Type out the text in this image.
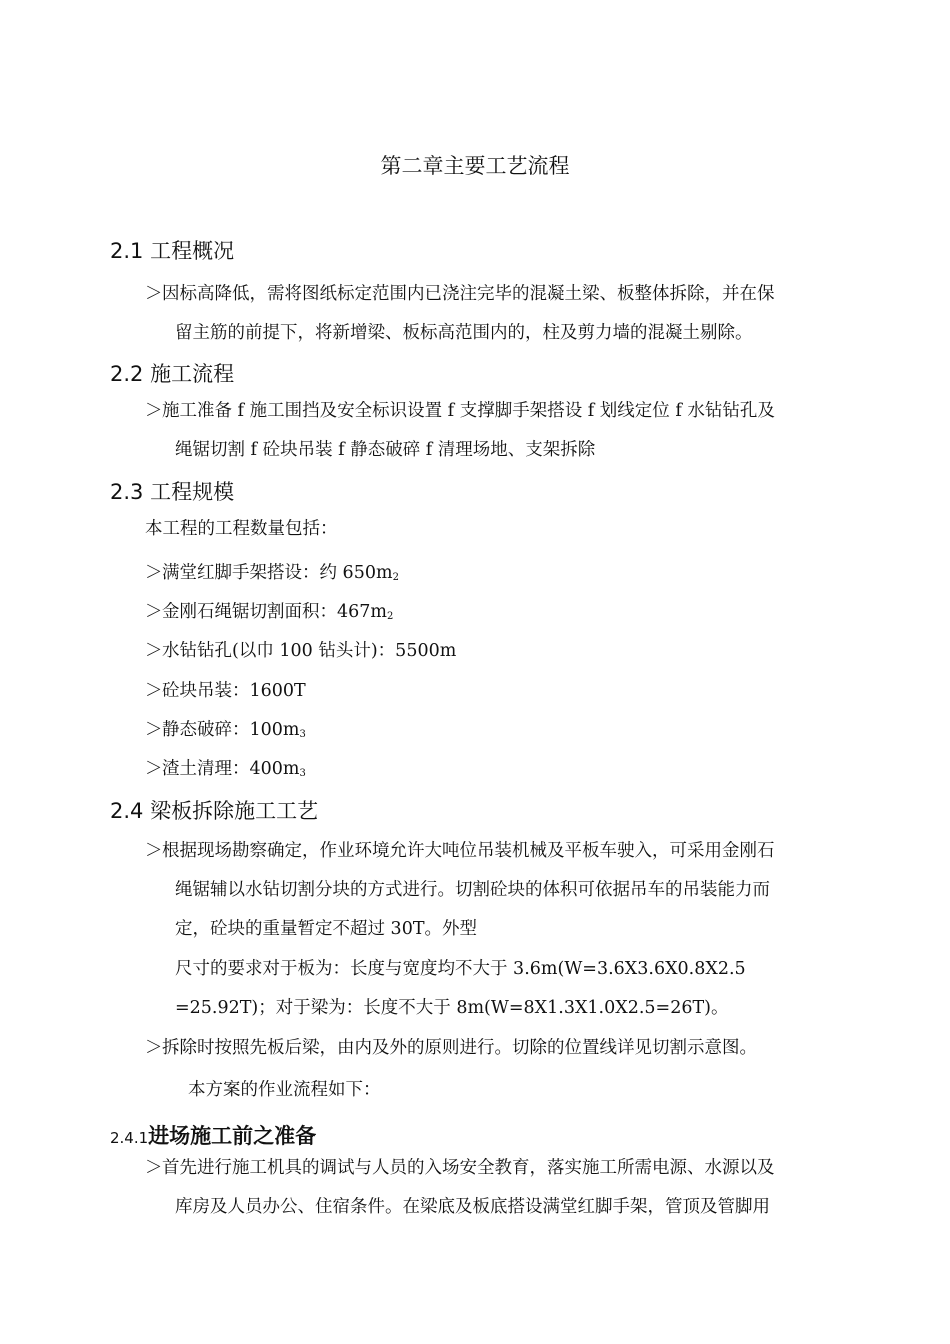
第二章主要工艺流程
2.1 工程概况
＞因标高降低，需将图纸标定范围内已浇注完毕的混凝土梁、板整体拆除，并在保
留主筋的前提下，将新增梁、板标高范围内的，柱及剪力墙的混凝土剔除。
2.2 施工流程
＞施工准备 f 施工围挡及安全标识设置 f 支撑脚手架搭设 f 划线定位 f 水钻钻孔及
绳锯切割 f 砼块吊装 f 静态破碎 f 清理场地、支架拆除
2.3 工程规模
本工程的工程数量包括：
＞满堂红脚手架搭设：约 $650m_2$
＞金刚石绳锯切割面积：$467m_2$
＞水钻钻孔(以巾 100 钻头计)：5500m
＞砼块吊装：1600T
＞静态破碎：$100m_3$
＞渣土清理：$400m_3$
2.4 梁板拆除施工工艺
＞根据现场勘察确定，作业环境允许大吨位吊装机械及平板车驶入，可采用金刚石
绳锯辅以水钻切割分块的方式进行。切割砼块的体积可依据吊车的吊装能力而
定，砼块的重量暂定不超过 30T。外型
尺寸的要求对于板为：长度与宽度均不大于 3.6m(W=3.6X3.6X0.8X2.5
=25.92T)；对于梁为：长度不大于 8m(W=8X1.3X1.0X2.5=26T)。
＞拆除时按照先板后梁，由内及外的原则进行。切除的位置线详见切割示意图。
本方案的作业流程如下：
2.4.1进场施工前之准备
＞首先进行施工机具的调试与人员的入场安全教育，落实施工所需电源、水源以及
库房及人员办公、住宿条件。在梁底及板底搭设满堂红脚手架，管顶及管脚用
